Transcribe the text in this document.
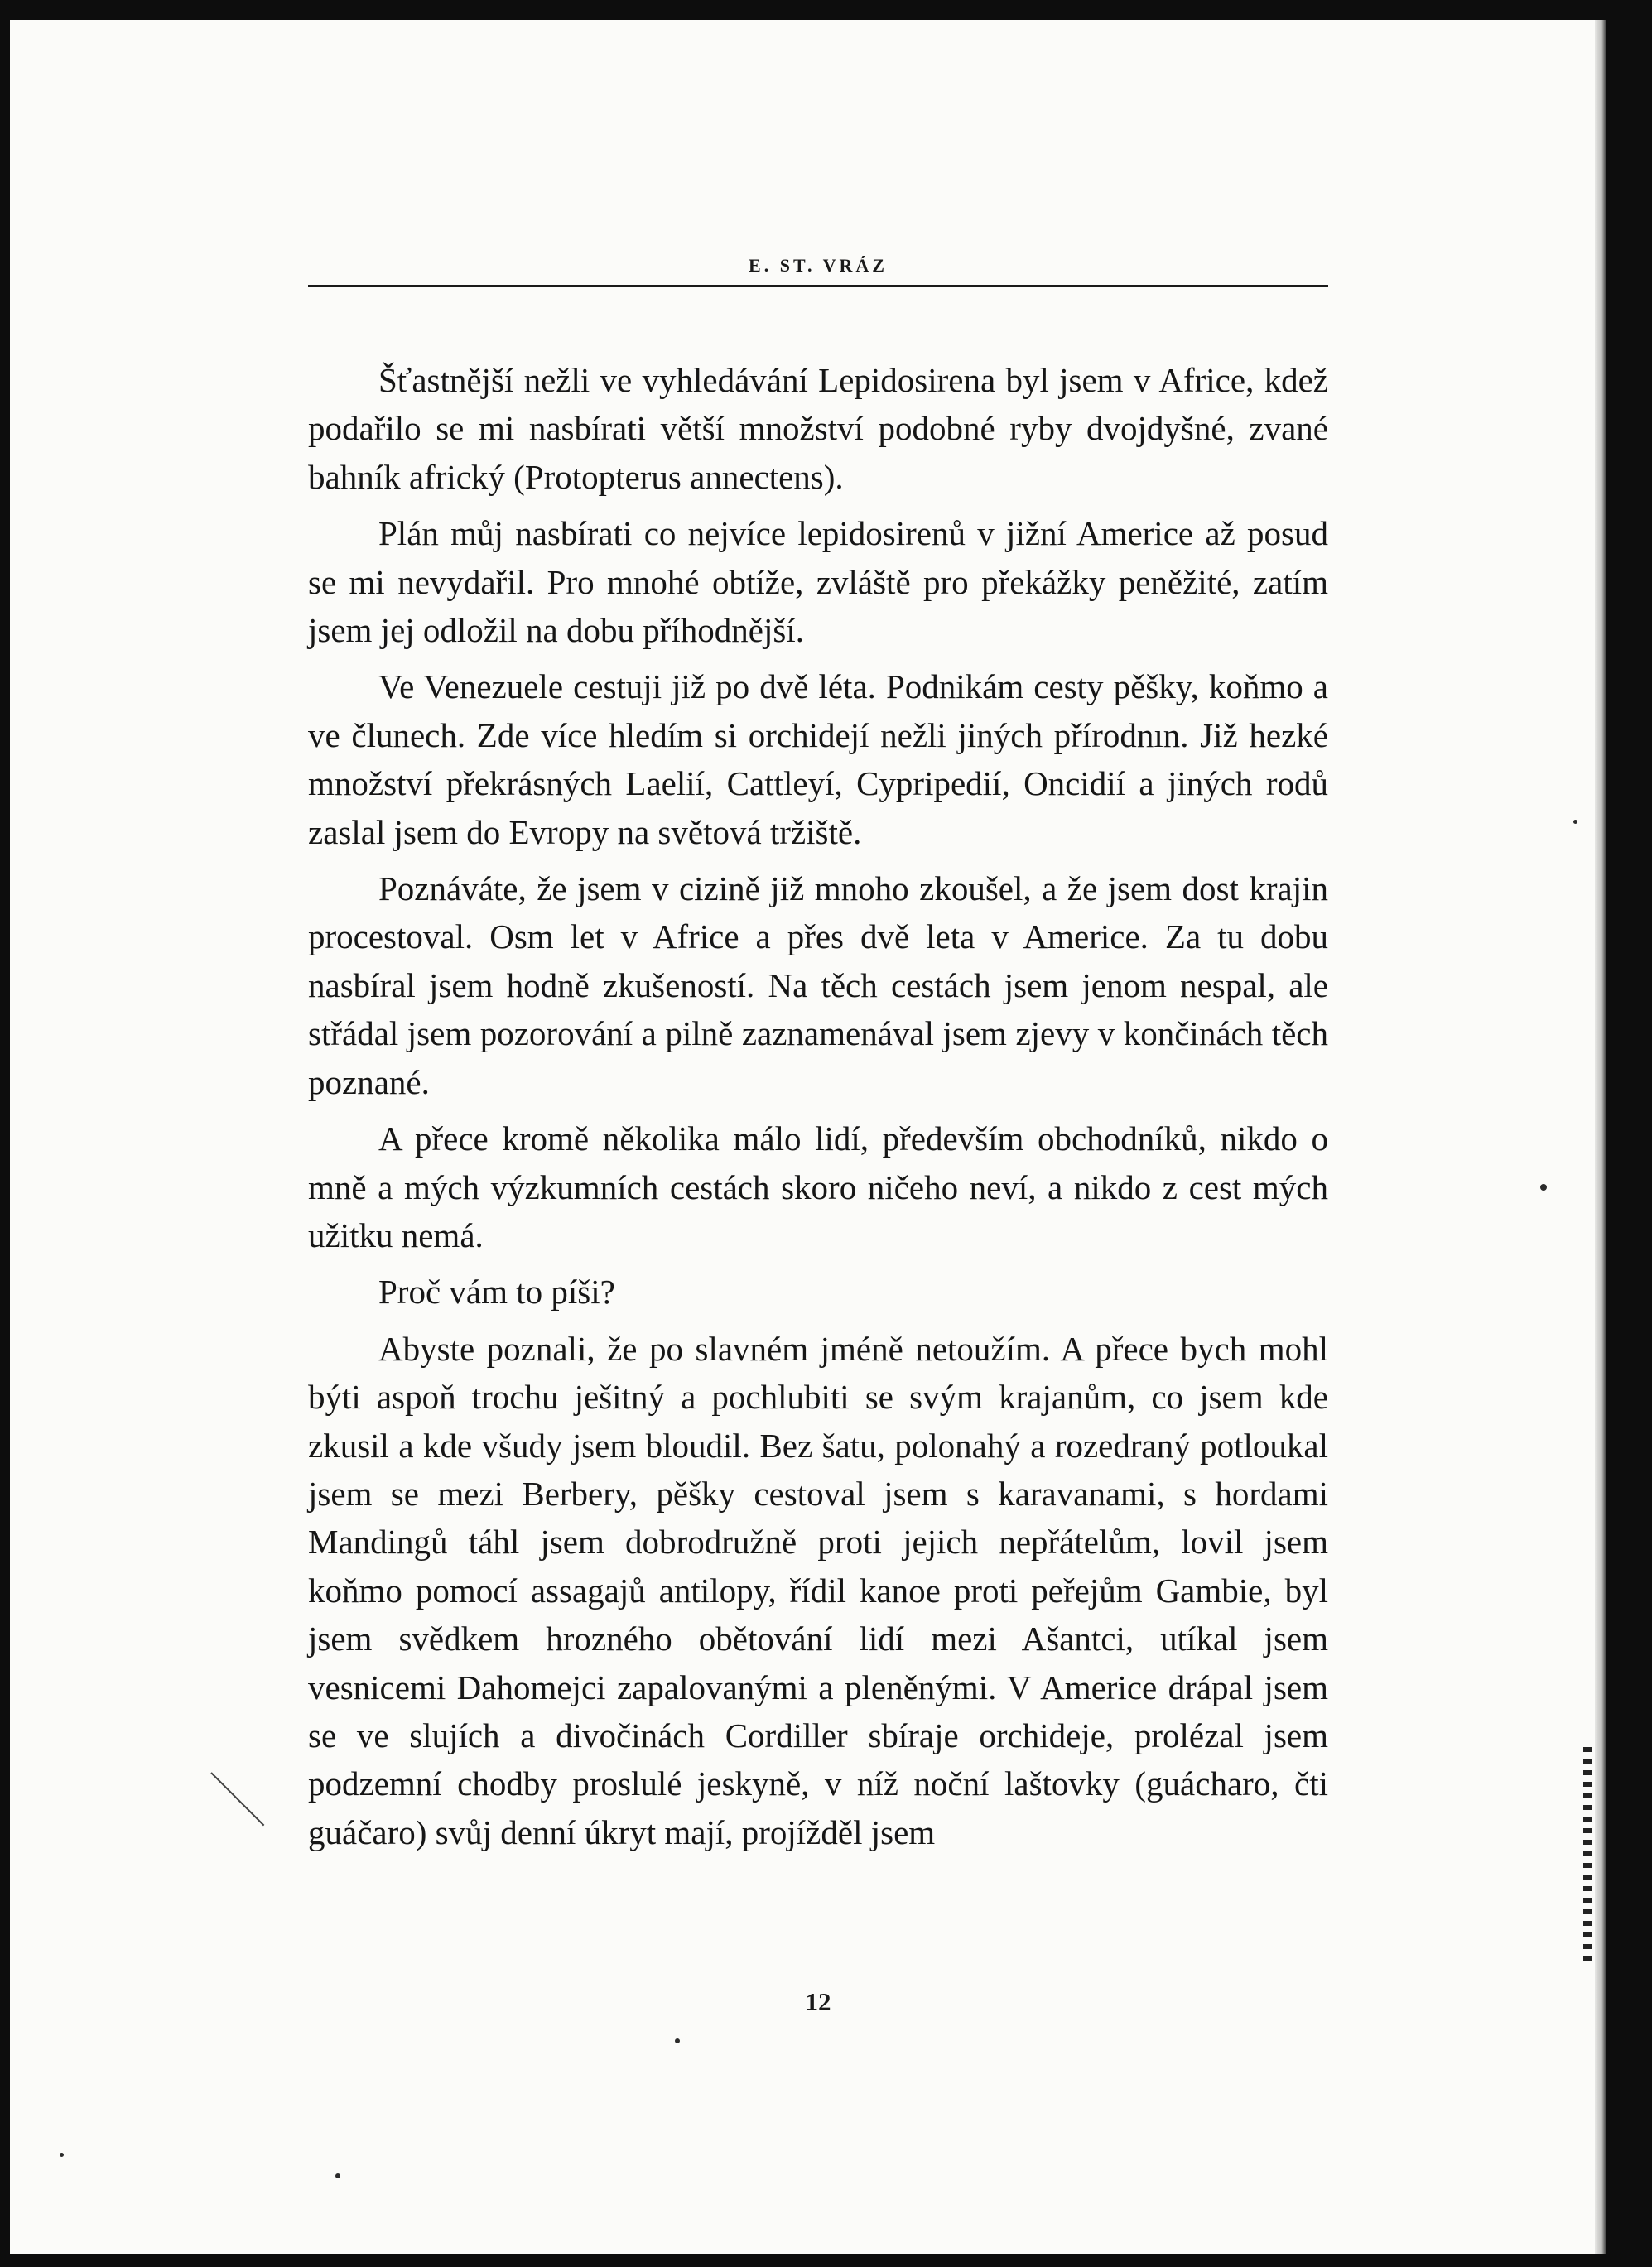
E. ST. VRÁZ

Šťastnější nežli ve vyhledávání Lepidosirena byl jsem v Africe, kdež podařilo se mi nasbírati větší množství podobné ryby dvojdyšné, zvané bahník africký (Protopterus annectens).

Plán můj nasbírati co nejvíce lepidosirenů v jižní Americe až posud se mi nevydařil. Pro mnohé obtíže, zvláště pro překážky peněžité, zatím jsem jej odložil na dobu příhodnější.

Ve Venezuele cestuji již po dvě léta. Podnikám cesty pěšky, koňmo a ve člunech. Zde více hledím si orchidejí nežli jiných přírodnın. Již hezké množství překrásných Laelií, Cattleyí, Cypripedií, Oncidií a jiných rodů zaslal jsem do Evropy na světová tržiště.

Poznáváte, že jsem v cizině již mnoho zkoušel, a že jsem dost krajin procestoval. Osm let v Africe a přes dvě leta v Americe. Za tu dobu nasbíral jsem hodně zkušeností. Na těch cestách jsem jenom nespal, ale střádal jsem pozorování a pilně zaznamenával jsem zjevy v končinách těch poznané.

A přece kromě několika málo lidí, především obchodníků, nikdo o mně a mých výzkumních cestách skoro ničeho neví, a nikdo z cest mých užitku nemá.

Proč vám to píši?

Abyste poznali, že po slavném jméně netoužím. A přece bych mohl býti aspoň trochu ješitný a pochlubiti se svým krajanům, co jsem kde zkusil a kde všudy jsem bloudil. Bez šatu, polonahý a rozedraný potloukal jsem se mezi Berbery, pěšky cestoval jsem s karavanami, s hordami Mandingů táhl jsem dobrodružně proti jejich nepřátelům, lovil jsem koňmo pomocí assagajů antilopy, řídil kanoe proti peřejům Gambie, byl jsem svědkem hrozného obětování lidí mezi Ašantci, utíkal jsem vesnicemi Dahomejci zapalovanými a pleněnými. V Americe drápal jsem se ve slujích a divočinách Cordiller sbíraje orchideje, prolézal jsem podzemní chodby proslulé jeskyně, v níž noční laštovky (guácharo, čti guáčaro) svůj denní úkryt mají, projížděl jsem

12
